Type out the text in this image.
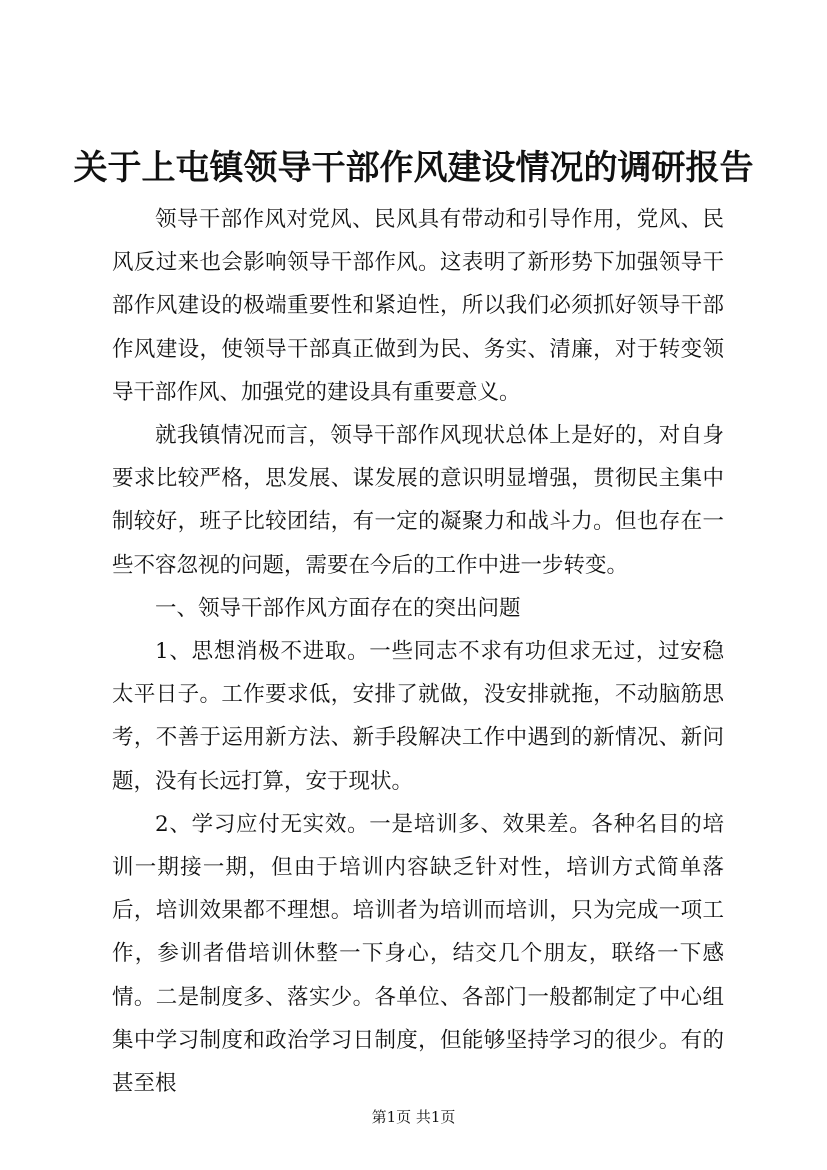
关于上屯镇领导干部作风建设情况的调研报告

领导干部作风对党风、民风具有带动和引导作用，党风、民风反过来也会影响领导干部作风。这表明了新形势下加强领导干部作风建设的极端重要性和紧迫性，所以我们必须抓好领导干部作风建设，使领导干部真正做到为民、务实、清廉，对于转变领导干部作风、加强党的建设具有重要意义。

就我镇情况而言，领导干部作风现状总体上是好的，对自身要求比较严格，思发展、谋发展的意识明显增强，贯彻民主集中制较好，班子比较团结，有一定的凝聚力和战斗力。但也存在一些不容忽视的问题，需要在今后的工作中进一步转变。

一、领导干部作风方面存在的突出问题

1、思想消极不进取。一些同志不求有功但求无过，过安稳太平日子。工作要求低，安排了就做，没安排就拖，不动脑筋思考，不善于运用新方法、新手段解决工作中遇到的新情况、新问题，没有长远打算，安于现状。

2、学习应付无实效。一是培训多、效果差。各种名目的培训一期接一期，但由于培训内容缺乏针对性，培训方式简单落后，培训效果都不理想。培训者为培训而培训，只为完成一项工作，参训者借培训休整一下身心，结交几个朋友，联络一下感情。二是制度多、落实少。各单位、各部门一般都制定了中心组集中学习制度和政治学习日制度，但能够坚持学习的很少。有的甚至根

第1页 共1页
